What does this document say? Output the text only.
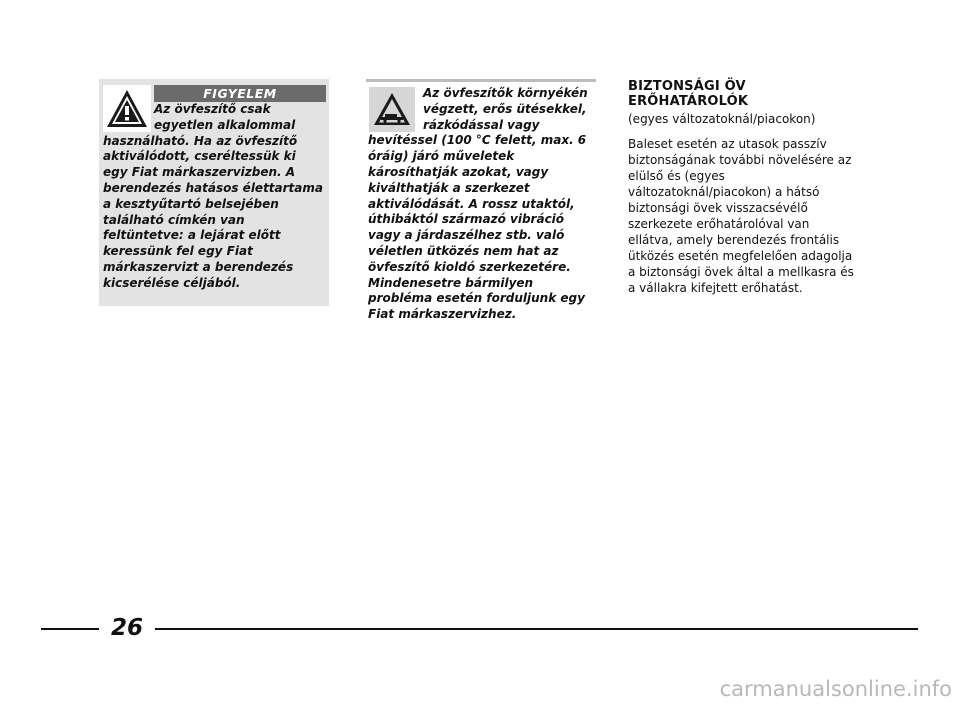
FIGYELEM
Az övfeszítő csak
egyetlen alkalommal
használható. Ha az övfeszítő
aktiválódott, cseréltessük ki
egy Fiat márkaszervizben. A
berendezés hatásos élettartama
a kesztyűtartó belsejében
található címkén van
feltüntetve: a lejárat előtt
keressünk fel egy Fiat
márkaszervizt a berendezés
kicserélése céljából.
Az övfeszítők környékén
végzett, erős ütésekkel,
rázkódással vagy
hevítéssel (100 °C felett, max. 6
óráig) járó műveletek
károsíthatják azokat, vagy
kiválthatják a szerkezet
aktiválódását. A rossz utaktól,
úthibáktól származó vibráció
vagy a járdaszélhez stb. való
véletlen ütközés nem hat az
övfeszítő kioldó szerkezetére.
Mindenesetre bármilyen
probléma esetén forduljunk egy
Fiat márkaszervizhez.
BIZTONSÁGI ÖV
ERŐHATÁROLÓK

(egyes változatoknál/piacokon)

Baleset esetén az utasok passzív
biztonságának további növelésére az
elülső és (egyes
változatoknál/piacokon) a hátsó
biztonsági övek visszacsévélő
szerkezete erőhatárolóval van
ellátva, amely berendezés frontális
ütközés esetén megfelelően adagolja
a biztonsági övek által a mellkasra és
a vállakra kifejtett erőhatást.

26
carmanualsonline.info
